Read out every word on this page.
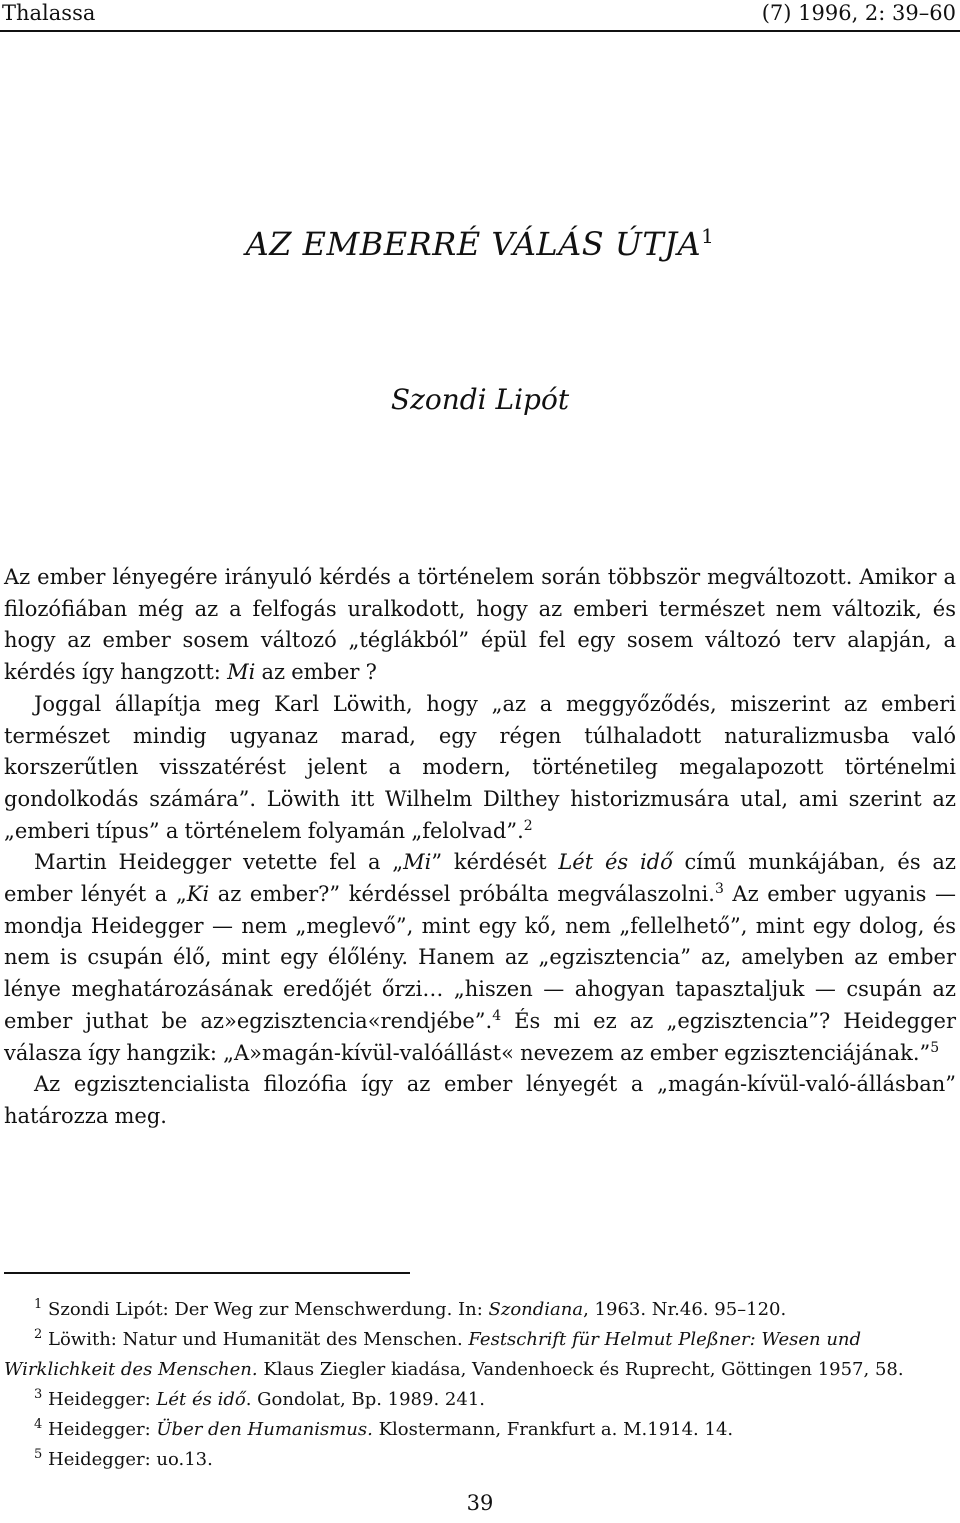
Thalassa	(7) 1996, 2: 39–60
AZ EMBERRÉ VÁLÁS ÚTJA$^1$
Szondi Lipót

Az ember lényegére irányuló kérdés a történelem során többször megváltozott. Amikor a filozófiában még az a felfogás uralkodott, hogy az emberi természet nem változik, és hogy az ember sosem változó „téglákból” épül fel egy sosem változó terv alapján, a kérdés így hangzott: Mi az ember ?

Joggal állapítja meg Karl Löwith, hogy „az a meggyőződés, miszerint az emberi természet mindig ugyanaz marad, egy régen túlhaladott naturalizmusba való korszerűtlen visszatérést jelent a modern, történetileg megalapozott történelmi gondolkodás számára”. Löwith itt Wilhelm Dilthey historizmusára utal, ami szerint az „emberi típus” a történelem folyamán „felolvad”.$^2$

Martin Heidegger vetette fel a „Mi” kérdését Lét és idő című munkájában, és az ember lényét a „Ki az ember?” kérdéssel próbálta megválaszolni.$^3$ Az ember ugyanis — mondja Heidegger — nem „meglevő”, mint egy kő, nem „fellelhető”, mint egy dolog, és nem is csupán élő, mint egy élőlény. Hanem az „egzisztencia” az, amelyben az ember lénye meghatározásának eredőjét őrzi… „hiszen — ahogyan tapasztaljuk — csupán az ember juthat be az»egzisztencia«rendjébe”.$^4$ És mi ez az „egzisztencia”? Heidegger válasza így hangzik: „A»magán-kívül-valóállást« nevezem az ember egzisztenciájának.”$^5$

Az egzisztencialista filozófia így az ember lényegét a „magán-kívül-való-állásban” határozza meg.

$^1$ Szondi Lipót: Der Weg zur Menschwerdung. In: Szondiana, 1963. Nr.46. 95–120.

$^2$ Löwith: Natur und Humanität des Menschen. Festschrift für Helmut Pleßner: Wesen und Wirklichkeit des Menschen. Klaus Ziegler kiadása, Vandenhoeck és Ruprecht, Göttingen 1957, 58.

$^3$ Heidegger: Lét és idő. Gondolat, Bp. 1989. 241.

$^4$ Heidegger: Über den Humanismus. Klostermann, Frankfurt a. M.1914. 14.

$^5$ Heidegger: uo.13.

39
